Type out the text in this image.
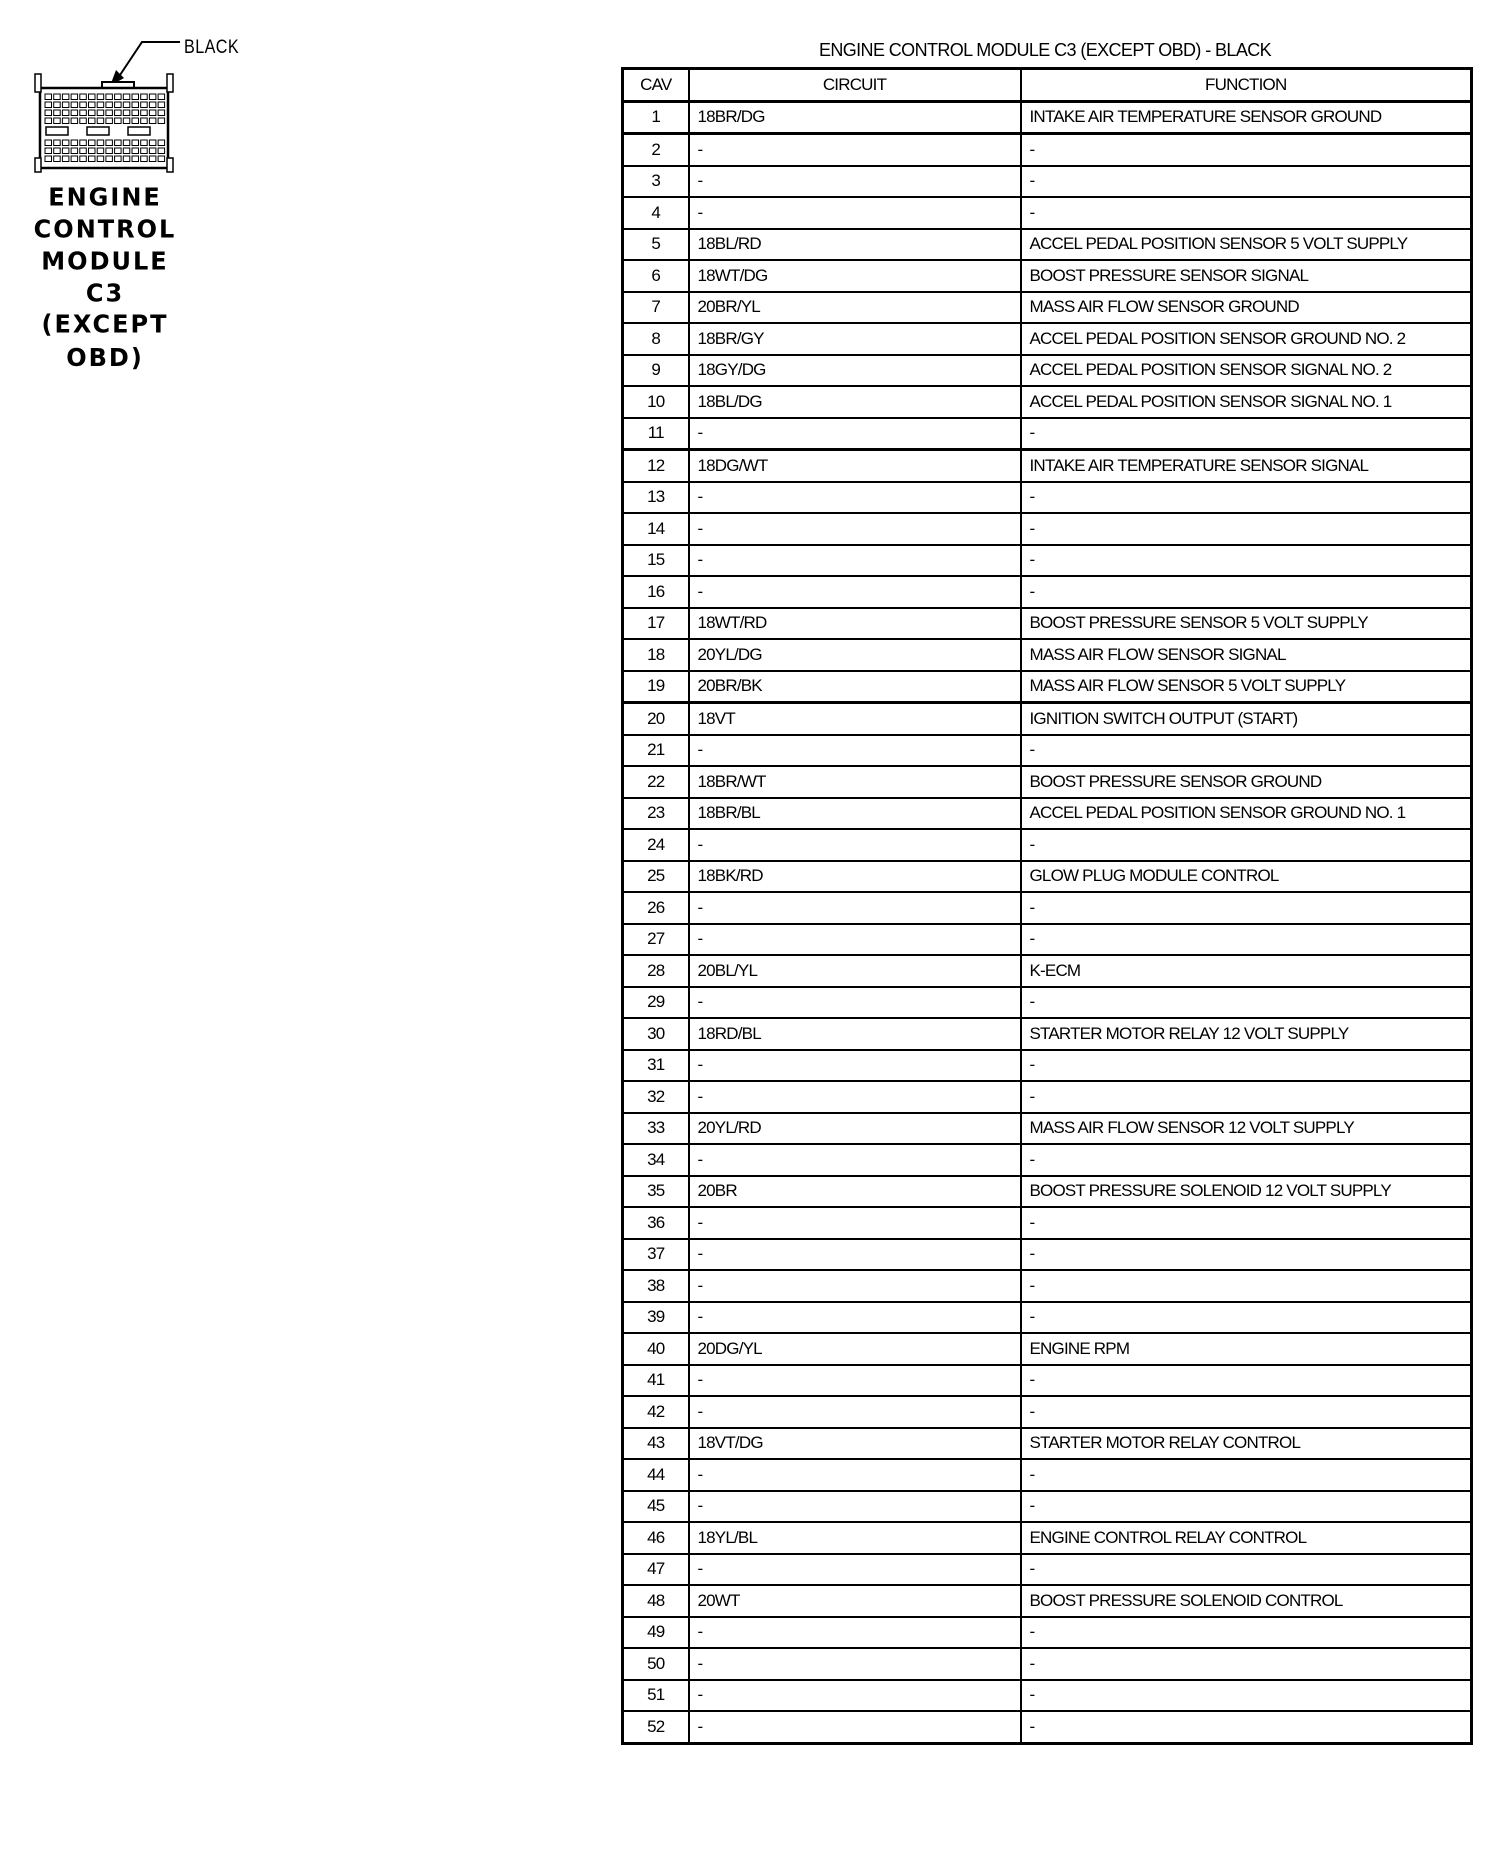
BLACK
ENGINE
CONTROL
MODULE
C3
(EXCEPT OBD)
ENGINE CONTROL MODULE C3 (EXCEPT OBD) - BLACK
CAV	CIRCUIT	FUNCTION
1	18BR/DG	INTAKE AIR TEMPERATURE SENSOR GROUND
2	-	-
3	-	-
4	-	-
5	18BL/RD	ACCEL PEDAL POSITION SENSOR 5 VOLT SUPPLY
6	18WT/DG	BOOST PRESSURE SENSOR SIGNAL
7	20BR/YL	MASS AIR FLOW SENSOR GROUND
8	18BR/GY	ACCEL PEDAL POSITION SENSOR GROUND NO. 2
9	18GY/DG	ACCEL PEDAL POSITION SENSOR SIGNAL NO. 2
10	18BL/DG	ACCEL PEDAL POSITION SENSOR SIGNAL NO. 1
11	-	-
12	18DG/WT	INTAKE AIR TEMPERATURE SENSOR SIGNAL
13	-	-
14	-	-
15	-	-
16	-	-
17	18WT/RD	BOOST PRESSURE SENSOR 5 VOLT SUPPLY
18	20YL/DG	MASS AIR FLOW SENSOR SIGNAL
19	20BR/BK	MASS AIR FLOW SENSOR 5 VOLT SUPPLY
20	18VT	IGNITION SWITCH OUTPUT (START)
21	-	-
22	18BR/WT	BOOST PRESSURE SENSOR GROUND
23	18BR/BL	ACCEL PEDAL POSITION SENSOR GROUND NO. 1
24	-	-
25	18BK/RD	GLOW PLUG MODULE CONTROL
26	-	-
27	-	-
28	20BL/YL	K-ECM
29	-	-
30	18RD/BL	STARTER MOTOR RELAY 12 VOLT SUPPLY
31	-	-
32	-	-
33	20YL/RD	MASS AIR FLOW SENSOR 12 VOLT SUPPLY
34	-	-
35	20BR	BOOST PRESSURE SOLENOID 12 VOLT SUPPLY
36	-	-
37	-	-
38	-	-
39	-	-
40	20DG/YL	ENGINE RPM
41	-	-
42	-	-
43	18VT/DG	STARTER MOTOR RELAY CONTROL
44	-	-
45	-	-
46	18YL/BL	ENGINE CONTROL RELAY CONTROL
47	-	-
48	20WT	BOOST PRESSURE SOLENOID CONTROL
49	-	-
50	-	-
51	-	-
52	-	-
